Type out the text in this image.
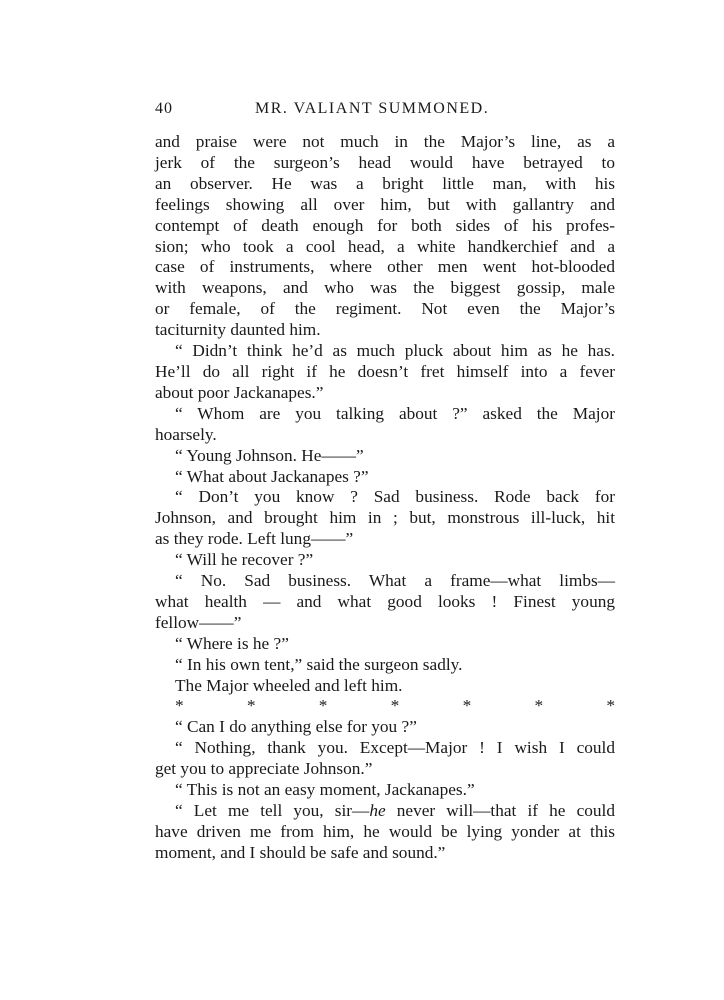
40	MR. VALIANT SUMMONED.
and praise were not much in the Major’s line, as a
jerk of the surgeon’s head would have betrayed to
an observer. He was a bright little man, with his
feelings showing all over him, but with gallantry and
contempt of death enough for both sides of his profes-
sion; who took a cool head, a white handkerchief and a
case of instruments, where other men went hot-blooded
with weapons, and who was the biggest gossip, male
or female, of the regiment. Not even the Major’s
taciturnity daunted him.
“ Didn’t think he’d as much pluck about him as he has.
He’ll do all right if he doesn’t fret himself into a fever
about poor Jackanapes.”
“ Whom are you talking about ?” asked the Major
hoarsely.
“ Young Johnson. He——”
“ What about Jackanapes ?”
“ Don’t you know ? Sad business. Rode back for
Johnson, and brought him in ; but, monstrous ill-luck, hit
as they rode. Left lung——”
“ Will he recover ?”
“ No. Sad business. What a frame—what limbs—
what health — and what good looks ! Finest young
fellow——”
“ Where is he ?”
“ In his own tent,” said the surgeon sadly.
The Major wheeled and left him.
*	*	*	*	*	*	*
“ Can I do anything else for you ?”
“ Nothing, thank you. Except—Major ! I wish I could
get you to appreciate Johnson.”
“ This is not an easy moment, Jackanapes.”
“ Let me tell you, sir—he never will—that if he could
have driven me from him, he would be lying yonder at this
moment, and I should be safe and sound.”
